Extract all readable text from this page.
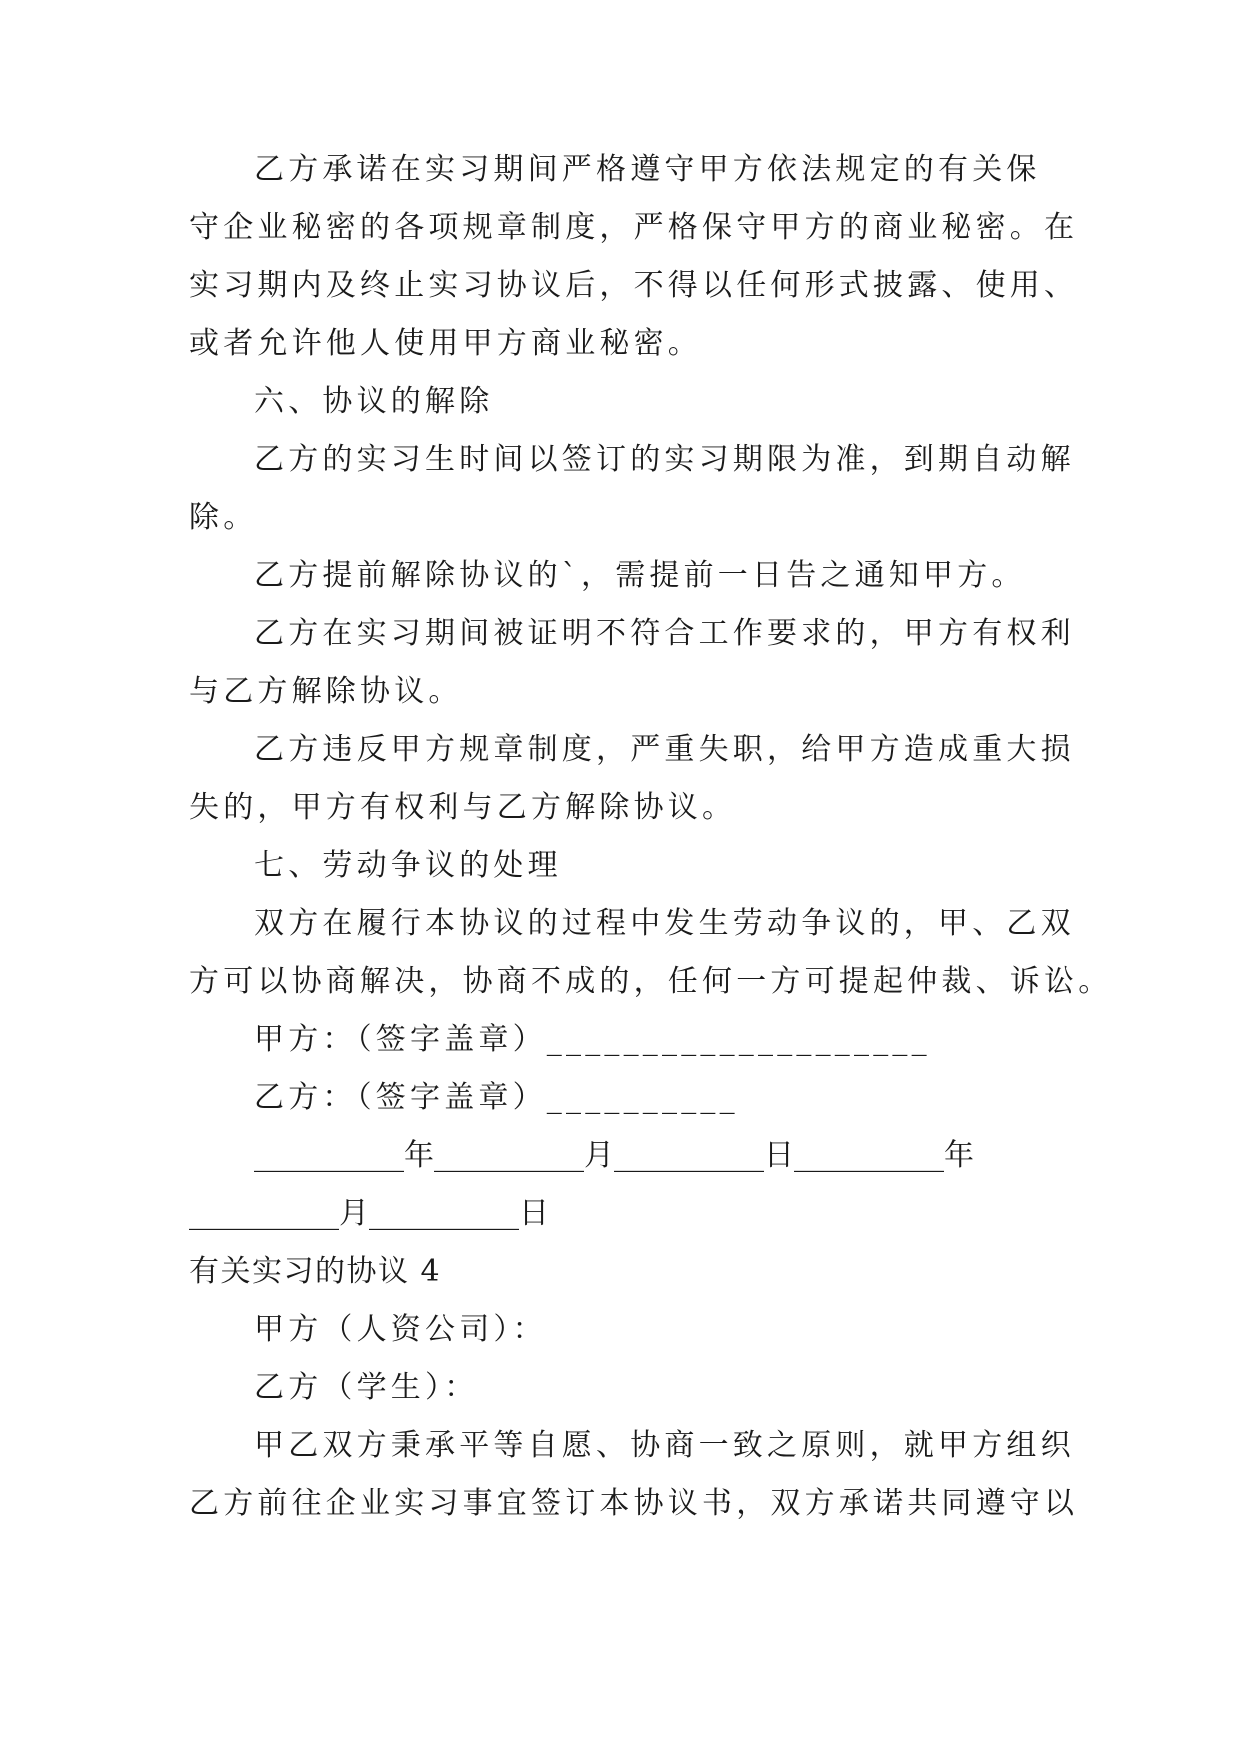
乙方承诺在实习期间严格遵守甲方依法规定的有关保
守企业秘密的各项规章制度，严格保守甲方的商业秘密。在
实习期内及终止实习协议后，不得以任何形式披露、使用、
或者允许他人使用甲方商业秘密。
六、协议的解除
乙方的实习生时间以签订的实习期限为准，到期自动解
除。
乙方提前解除协议的`，需提前一日告之通知甲方。
乙方在实习期间被证明不符合工作要求的，甲方有权利
与乙方解除协议。
乙方违反甲方规章制度，严重失职，给甲方造成重大损
失的，甲方有权利与乙方解除协议。
七、劳动争议的处理
双方在履行本协议的过程中发生劳动争议的，甲、乙双
方可以协商解决，协商不成的，任何一方可提起仲裁、诉讼。
甲方：（签字盖章）____________________
乙方：（签字盖章）__________
__________年__________月__________日__________年
__________月__________日
有关实习的协议 4
甲方（人资公司）：
乙方（学生）：
甲乙双方秉承平等自愿、协商一致之原则，就甲方组织
乙方前往企业实习事宜签订本协议书，双方承诺共同遵守以
